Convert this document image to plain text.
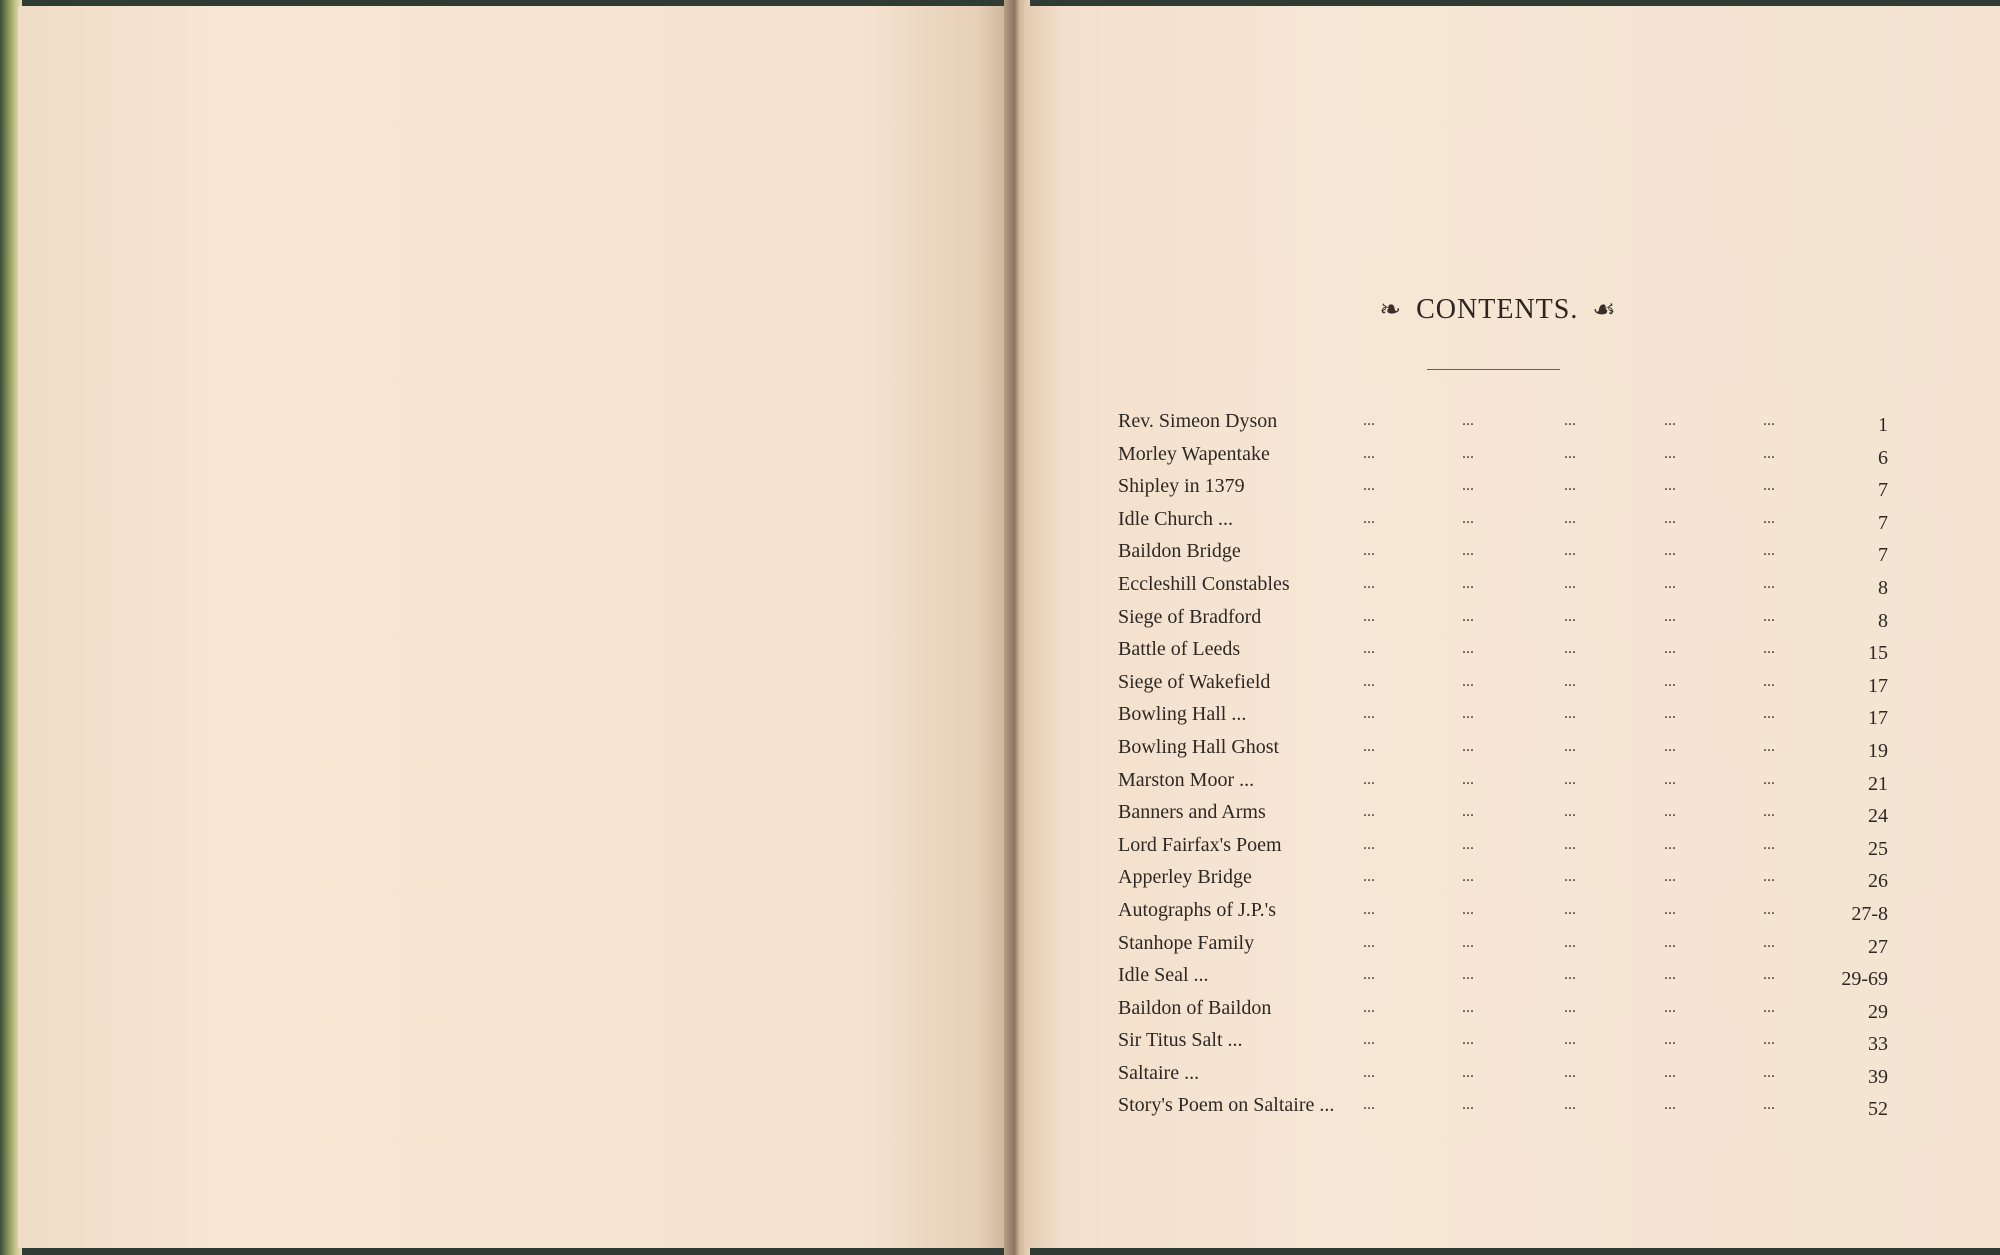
❧ CONTENTS. ☙
Rev. Simeon Dyson	...	...	...	...	...	1
Morley Wapentake	...	...	...	...	...	6
Shipley in 1379	...	...	...	...	...	7
Idle Church ...	...	...	...	...	...	7
Baildon Bridge	...	...	...	...	...	7
Eccleshill Constables	...	...	...	...	...	8
Siege of Bradford	...	...	...	...	...	8
Battle of Leeds	...	...	...	...	...	15
Siege of Wakefield	...	...	...	...	...	17
Bowling Hall ...	...	...	...	...	...	17
Bowling Hall Ghost	...	...	...	...	...	19
Marston Moor ...	...	...	...	...	...	21
Banners and Arms	...	...	...	...	...	24
Lord Fairfax's Poem	...	...	...	...	...	25
Apperley Bridge	...	...	...	...	...	26
Autographs of J.P.'s	...	...	...	...	...	27-8
Stanhope Family	...	...	...	...	...	27
Idle Seal ...	...	...	...	...	...	29-69
Baildon of Baildon	...	...	...	...	...	29
Sir Titus Salt ...	...	...	...	...	...	33
Saltaire ...	...	...	...	...	...	39
Story's Poem on Saltaire ... ...	...	...	...	...	52
